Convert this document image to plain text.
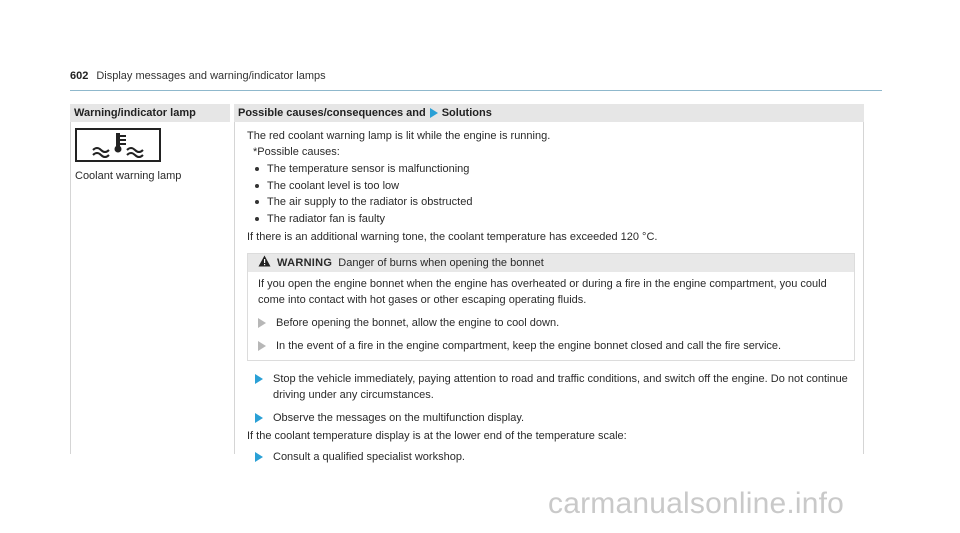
602 Display messages and warning/indicator lamps
Warning/indicator lamp	Possible causes/consequences and Solutions
Coolant warning lamp

The red coolant warning lamp is lit while the engine is running.

*Possible causes:

The temperature sensor is malfunctioning
The coolant level is too low
The air supply to the radiator is obstructed
The radiator fan is faulty

If there is an additional warning tone, the coolant temperature has exceeded 120 °C.

WARNING Danger of burns when opening the bonnet

If you open the engine bonnet when the engine has overheated or during a fire in the engine compartment, you could come into contact with hot gases or other escaping operating fluids.

Before opening the bonnet, allow the engine to cool down.
In the event of a fire in the engine compartment, keep the engine bonnet closed and call the fire service.
Stop the vehicle immediately, paying attention to road and traffic conditions, and switch off the engine. Do not continue driving under any circumstances.
Observe the messages on the multifunction display.

If the coolant temperature display is at the lower end of the temperature scale:

Consult a qualified specialist workshop.
carmanualsonline.info
